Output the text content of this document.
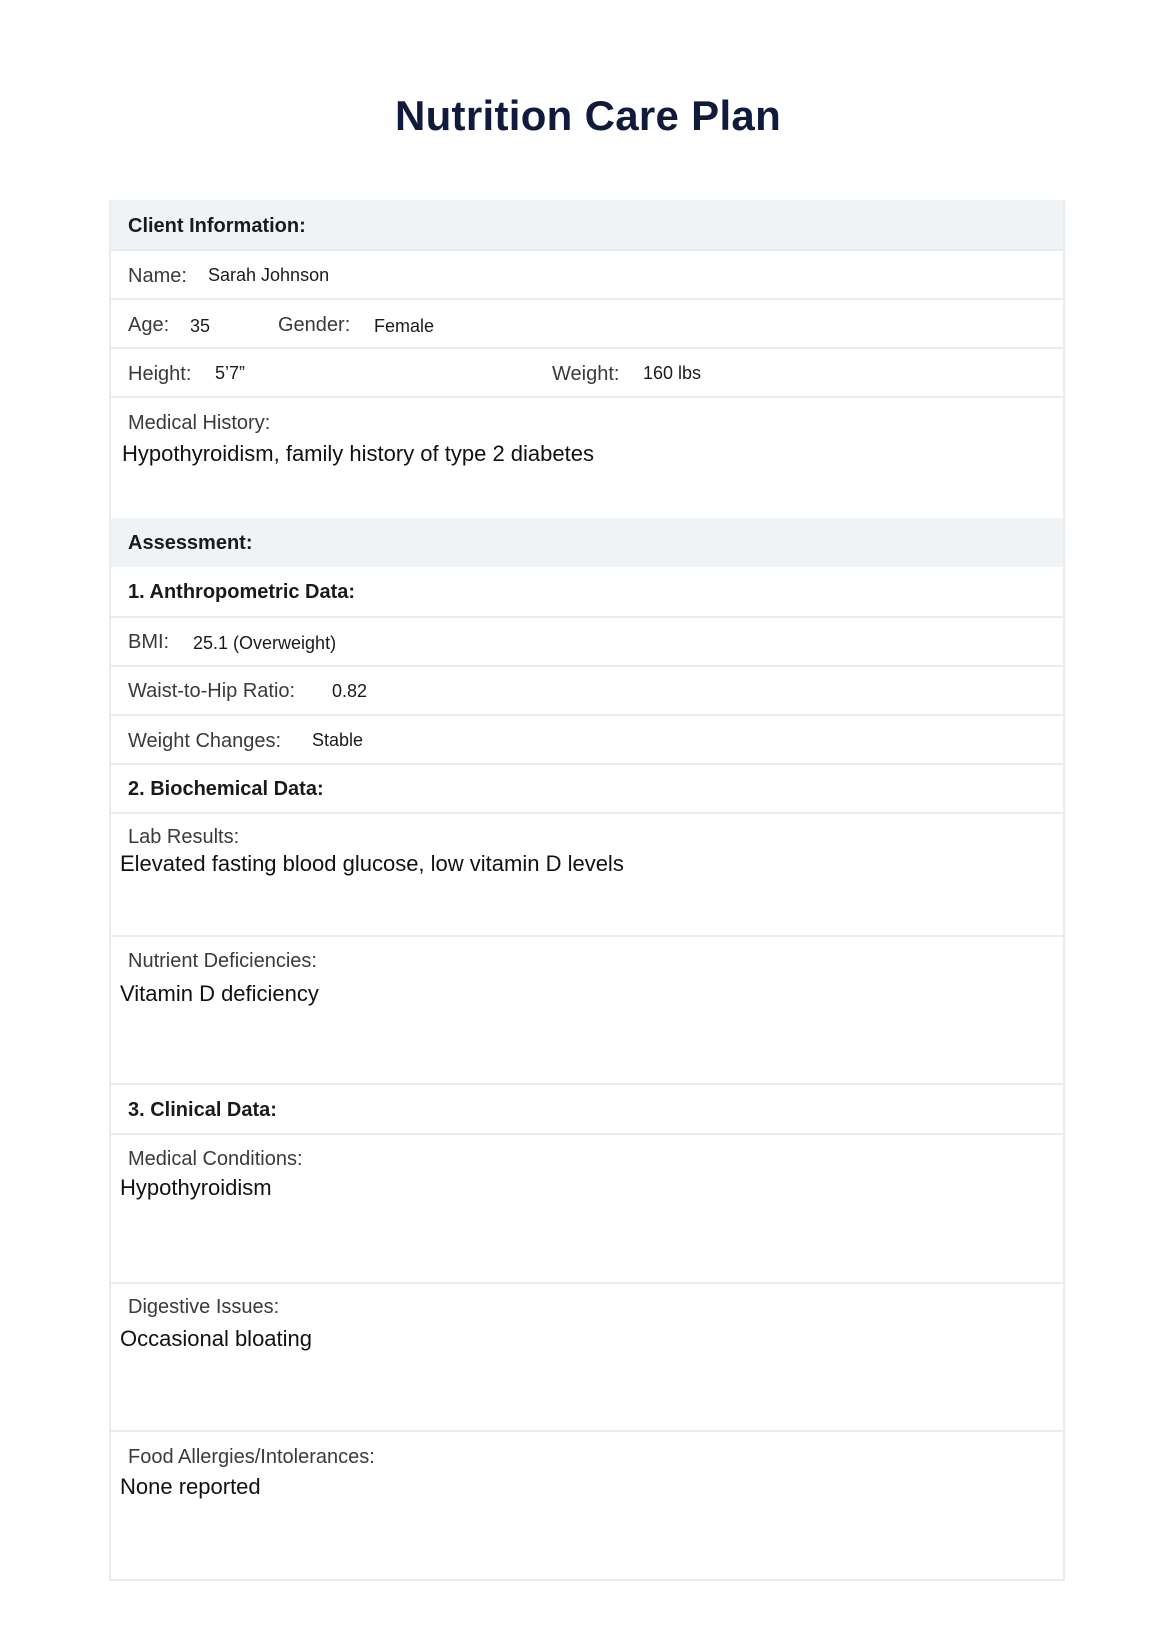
Nutrition Care Plan
Client Information:
Name: Sarah Johnson
Age: 35	Gender: Female
Height: 5’7”	Weight: 160 lbs
Medical History:
Hypothyroidism, family history of type 2 diabetes
Assessment:
1. Anthropometric Data:
BMI: 25.1 (Overweight)
Waist-to-Hip Ratio: 0.82
Weight Changes: Stable
2. Biochemical Data:
Lab Results:
Elevated fasting blood glucose, low vitamin D levels
Nutrient Deficiencies:
Vitamin D deficiency
3. Clinical Data:
Medical Conditions:
Hypothyroidism
Digestive Issues:
Occasional bloating
Food Allergies/Intolerances:
None reported
